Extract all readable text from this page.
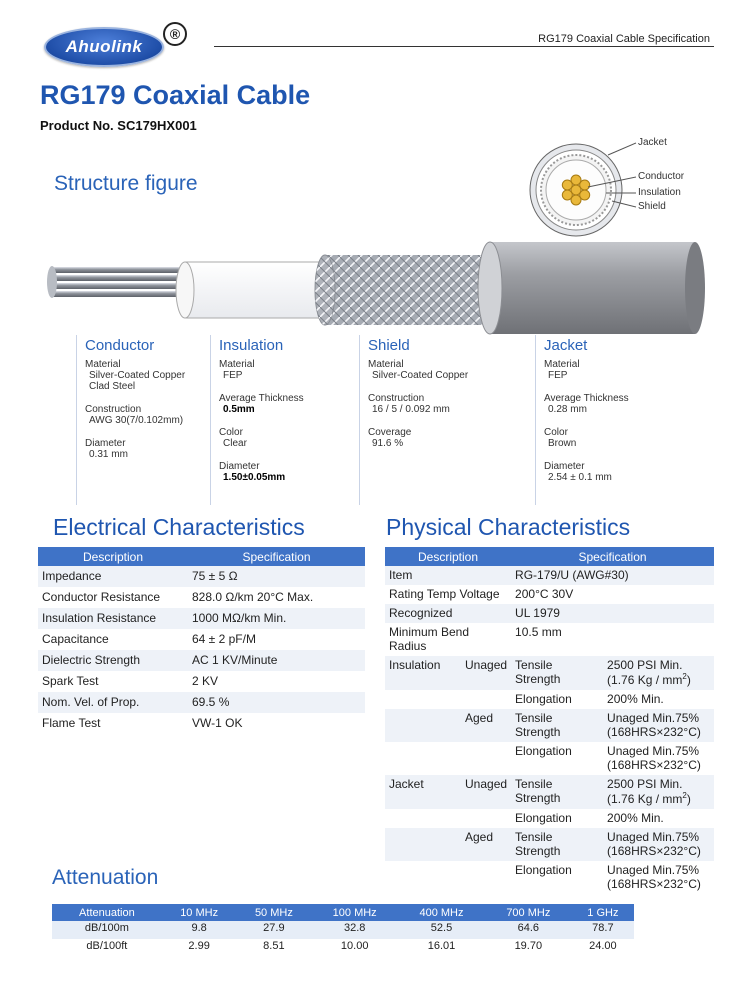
Ahuolink
®	RG179 Coaxial Cable Specification
RG179 Coaxial Cable
Product No. SC179HX001
Structure figure
Jacket
Conductor
Insulation
Shield
Conductor
Material
Silver-Coated Copper
Clad Steel
Construction
AWG 30(7/0.102mm)
Diameter
0.31 mm
Insulation
Material
FEP
Average Thickness
0.5mm
Color
Clear
Diameter
1.50±0.05mm
Shield
Material
Silver-Coated Copper
Construction
16 / 5 / 0.092 mm
Coverage
91.6 %
Jacket
Material
FEP
Average Thickness
0.28 mm
Color
Brown
Diameter
2.54 ± 0.1 mm
Electrical Characteristics
Description	Specification
Impedance	75 ± 5 Ω
Conductor Resistance	828.0 Ω/km 20°C Max.
Insulation Resistance	1000 MΩ/km Min.
Capacitance	64 ± 2 pF/M
Dielectric Strength	AC 1 KV/Minute
Spark Test	2 KV
Nom. Vel. of Prop.	69.5 %
Flame Test	VW-1 OK
Physical Characteristics
Description		Specification	
Item		RG-179/U (AWG#30)	
Rating Temp Voltage		200°C 30V	
Recognized		UL 1979	
Minimum Bend Radius		10.5 mm	
Insulation	Unaged	Tensile Strength	2500 PSI Min.
(1.76 Kg / $mm^2$)
		Elongation	200% Min.
	Aged	Tensile Strength	Unaged Min.75%
(168HRS×232°C)
		Elongation	Unaged Min.75%
(168HRS×232°C)
Jacket	Unaged	Tensile Strength	2500 PSI Min.
(1.76 Kg / $mm^2$)
		Elongation	200% Min.
	Aged	Tensile Strength	Unaged Min.75%
(168HRS×232°C)
		Elongation	Unaged Min.75%
(168HRS×232°C)
Attenuation
Attenuation	10 MHz	50 MHz	100 MHz	400 MHz	700 MHz	1 GHz
dB/100m	9.8	27.9	32.8	52.5	64.6	78.7
dB/100ft	2.99	8.51	10.00	16.01	19.70	24.00
